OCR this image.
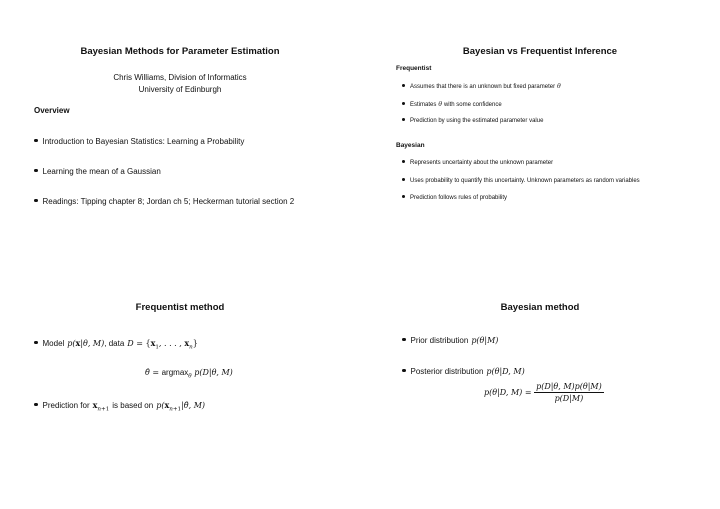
Bayesian Methods for Parameter Estimation
Chris Williams, Division of Informatics
University of Edinburgh
Overview
Introduction to Bayesian Statistics: Learning a Probability
Learning the mean of a Gaussian
Readings: Tipping chapter 8; Jordan ch 5; Heckerman tutorial section 2
Bayesian vs Frequentist Inference
Frequentist
Assumes that there is an unknown but fixed parameter θ
Estimates θ with some confidence
Prediction by using the estimated parameter value
Bayesian
Represents uncertainty about the unknown parameter
Uses probability to quantify this uncertainty. Unknown parameters as random variables
Prediction follows rules of probability
Frequentist method
Model p(x|θ, M) , data $D = \{x_1$, . . . , $x_n$}
θ̂ = argmax$_\theta$ p(D|θ, M)
Prediction for $x_{n+1}$ is based on $p(x_{n+1}|\thetâ$, M)
Bayesian method
Prior distribution p(θ|M)
Posterior distribution p(θ|D, M)
p(θ|D, $M) = \frac{p(D|\theta, M)p(\theta|M)}{p(D|M)}$
